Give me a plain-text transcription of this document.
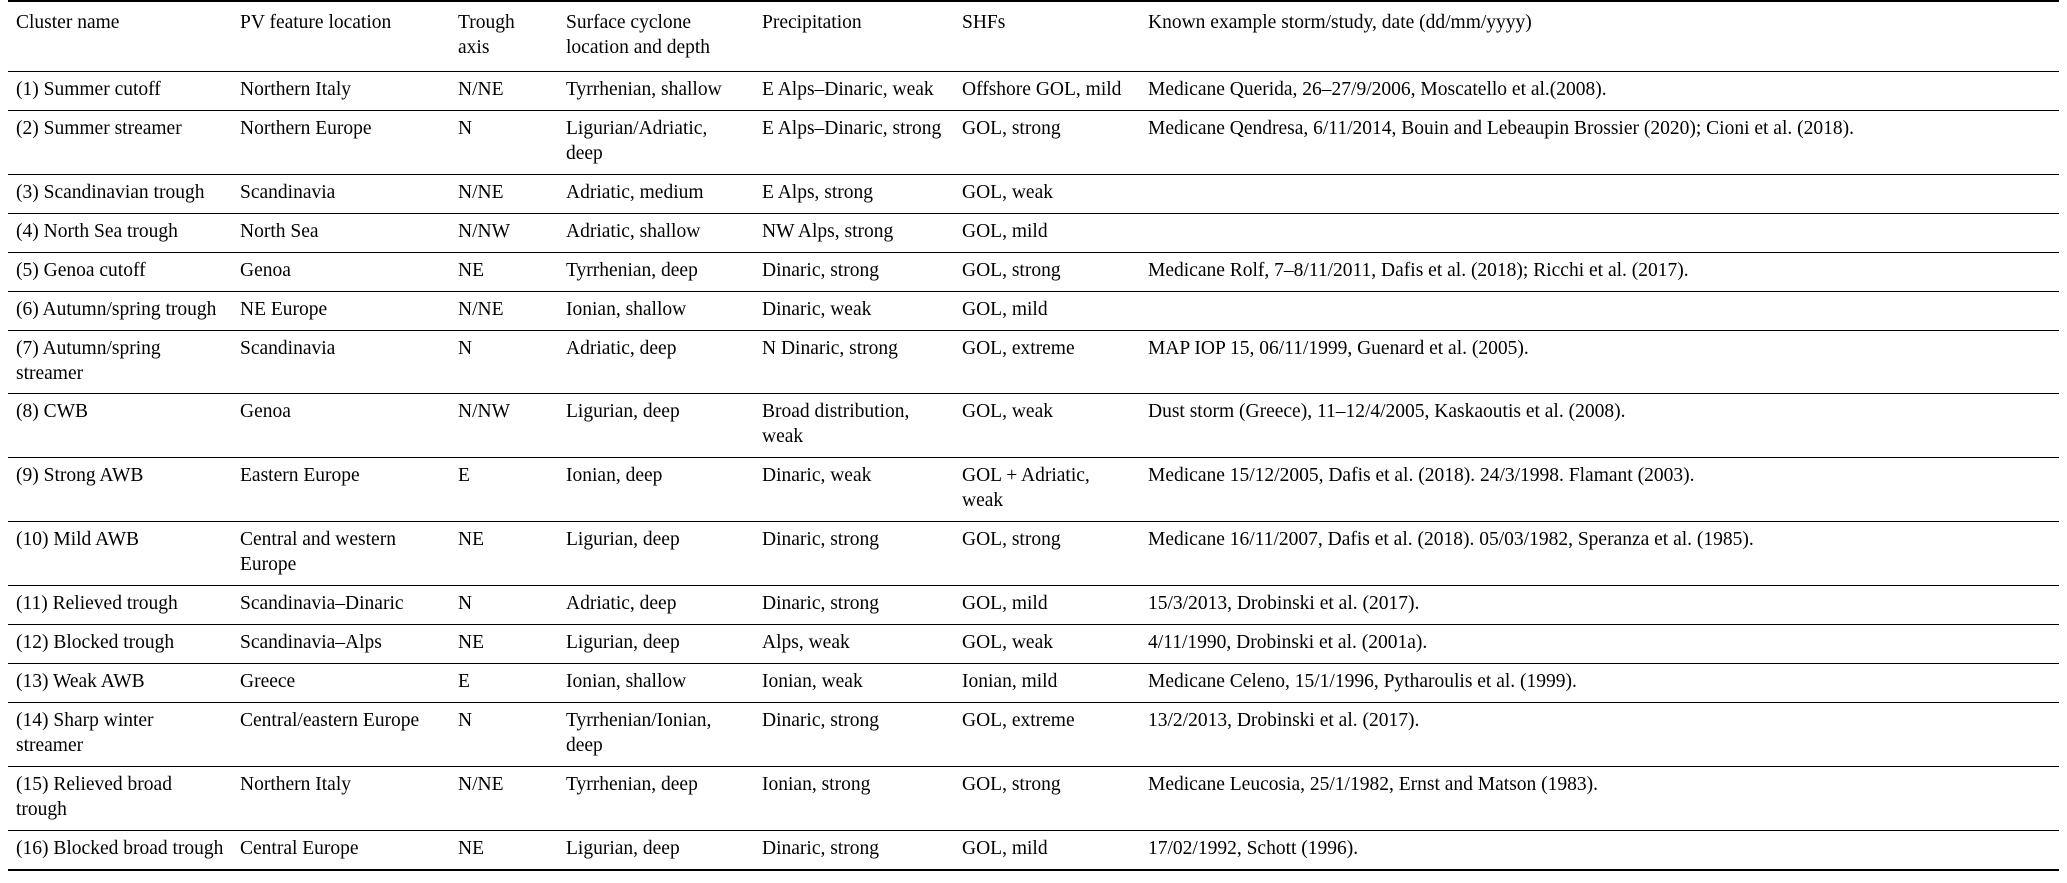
Cluster name	PV feature location	Trough axis	Surface cyclone location and depth	Precipitation	SHFs	Known example storm/study, date (dd/mm/yyyy)
(1) Summer cutoff	Northern Italy	N/NE	Tyrrhenian, shallow	E Alps–Dinaric, weak	Offshore GOL, mild	Medicane Querida, 26–27/9/2006, Moscatello et al.(2008).
(2) Summer streamer	Northern Europe	N	Ligurian/Adriatic, deep	E Alps–Dinaric, strong	GOL, strong	Medicane Qendresa, 6/11/2014, Bouin and Lebeaupin Brossier (2020); Cioni et al. (2018).
(3) Scandinavian trough	Scandinavia	N/NE	Adriatic, medium	E Alps, strong	GOL, weak	
(4) North Sea trough	North Sea	N/NW	Adriatic, shallow	NW Alps, strong	GOL, mild	
(5) Genoa cutoff	Genoa	NE	Tyrrhenian, deep	Dinaric, strong	GOL, strong	Medicane Rolf, 7–8/11/2011, Dafis et al. (2018); Ricchi et al. (2017).
(6) Autumn/spring trough	NE Europe	N/NE	Ionian, shallow	Dinaric, weak	GOL, mild	
(7) Autumn/spring streamer	Scandinavia	N	Adriatic, deep	N Dinaric, strong	GOL, extreme	MAP IOP 15, 06/11/1999, Guenard et al. (2005).
(8) CWB	Genoa	N/NW	Ligurian, deep	Broad distribution, weak	GOL, weak	Dust storm (Greece), 11–12/4/2005, Kaskaoutis et al. (2008).
(9) Strong AWB	Eastern Europe	E	Ionian, deep	Dinaric, weak	GOL + Adriatic, weak	Medicane 15/12/2005, Dafis et al. (2018). 24/3/1998. Flamant (2003).
(10) Mild AWB	Central and western Europe	NE	Ligurian, deep	Dinaric, strong	GOL, strong	Medicane 16/11/2007, Dafis et al. (2018). 05/03/1982, Speranza et al. (1985).
(11) Relieved trough	Scandinavia–Dinaric	N	Adriatic, deep	Dinaric, strong	GOL, mild	15/3/2013, Drobinski et al. (2017).
(12) Blocked trough	Scandinavia–Alps	NE	Ligurian, deep	Alps, weak	GOL, weak	4/11/1990, Drobinski et al. (2001a).
(13) Weak AWB	Greece	E	Ionian, shallow	Ionian, weak	Ionian, mild	Medicane Celeno, 15/1/1996, Pytharoulis et al. (1999).
(14) Sharp winter streamer	Central/eastern Europe	N	Tyrrhenian/Ionian, deep	Dinaric, strong	GOL, extreme	13/2/2013, Drobinski et al. (2017).
(15) Relieved broad trough	Northern Italy	N/NE	Tyrrhenian, deep	Ionian, strong	GOL, strong	Medicane Leucosia, 25/1/1982, Ernst and Matson (1983).
(16) Blocked broad trough	Central Europe	NE	Ligurian, deep	Dinaric, strong	GOL, mild	17/02/1992, Schott (1996).
